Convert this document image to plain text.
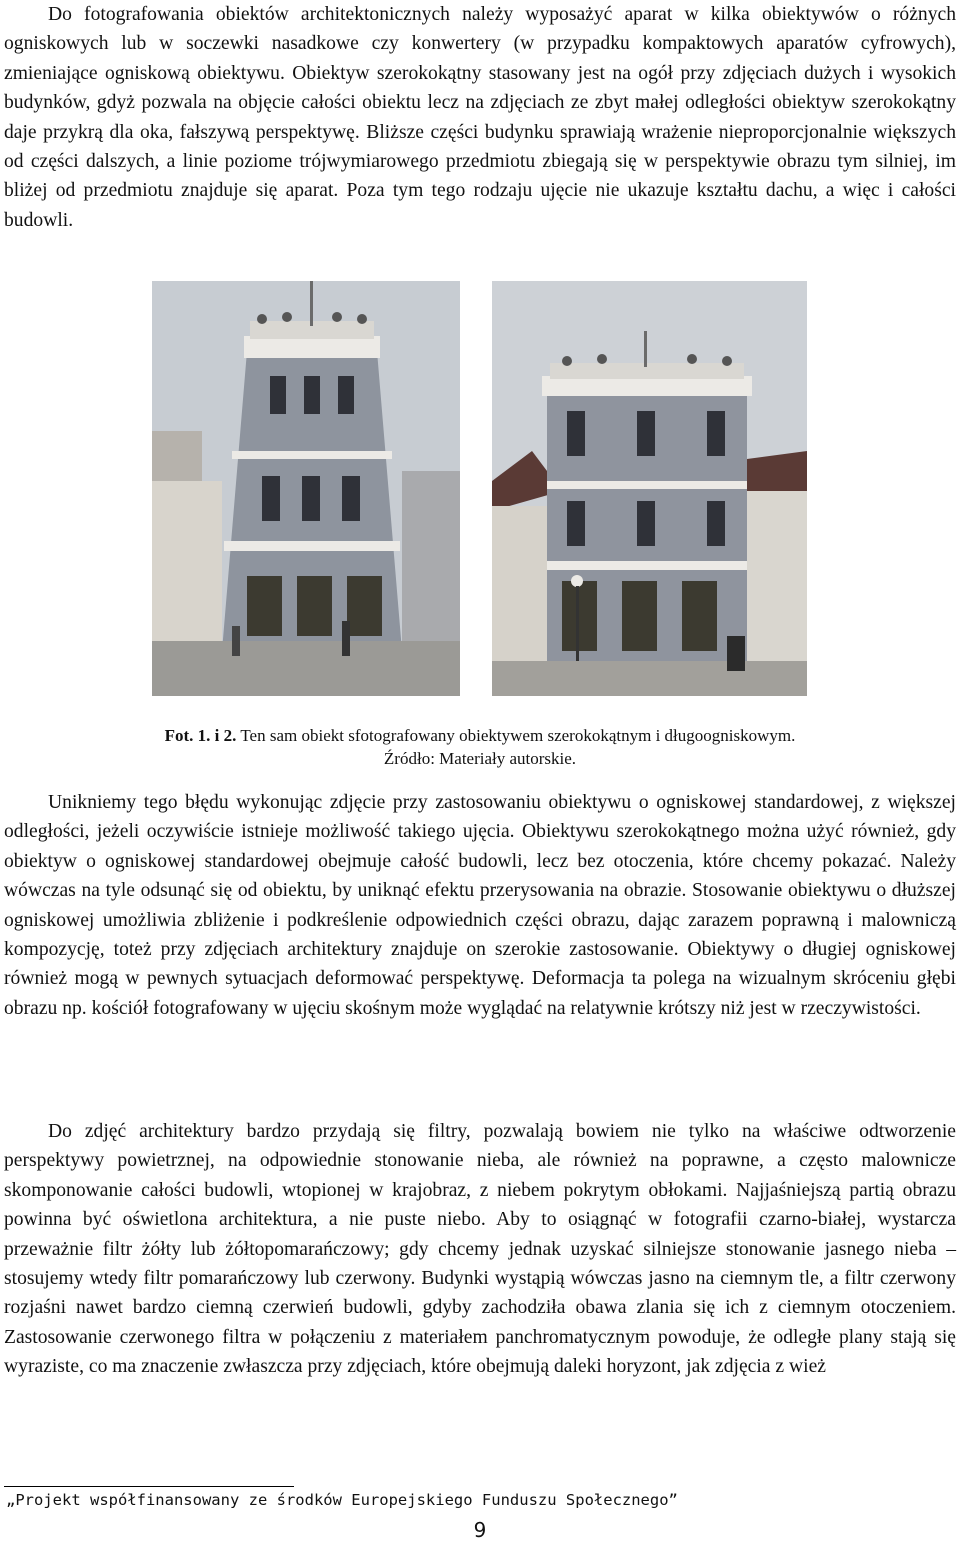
Do fotografowania obiektów architektonicznych należy wyposażyć aparat w kilka obiektywów o różnych ogniskowych lub w soczewki nasadkowe czy konwertery (w przypadku kompaktowych aparatów cyfrowych), zmieniające ogniskową obiektywu. Obiektyw szerokokątny stasowany jest na ogół przy zdjęciach dużych i wysokich budynków, gdyż pozwala na objęcie całości obiektu lecz na zdjęciach ze zbyt małej odległości obiektyw szerokokątny daje przykrą dla oka, fałszywą perspektywę. Bliższe części budynku sprawiają wrażenie nieproporcjonalnie większych od części dalszych, a linie poziome trójwymiarowego przedmiotu zbiegają się w perspektywie obrazu tym silniej, im bliżej od przedmiotu znajduje się aparat. Poza tym tego rodzaju ujęcie nie ukazuje kształtu dachu, a więc i całości budowli.

Fot. 1. i 2. Ten sam obiekt sfotografowany obiektywem szerokokątnym i długoogniskowym.
Źródło: Materiały autorskie.

Unikniemy tego błędu wykonując zdjęcie przy zastosowaniu obiektywu o ogniskowej standardowej, z większej odległości, jeżeli oczywiście istnieje możliwość takiego ujęcia. Obiektywu szerokokątnego można użyć również, gdy obiektyw o ogniskowej standardowej obejmuje całość budowli, lecz bez otoczenia, które chcemy pokazać. Należy wówczas na tyle odsunąć się od obiektu, by uniknąć efektu przerysowania na obrazie. Stosowanie obiektywu o dłuższej ogniskowej umożliwia zbliżenie i podkreślenie odpowiednich części obrazu, dając zarazem poprawną i malowniczą kompozycję, toteż przy zdjęciach architektury znajduje on szerokie zastosowanie. Obiektywy o długiej ogniskowej również mogą w pewnych sytuacjach deformować perspektywę. Deformacja ta polega na wizualnym skróceniu głębi obrazu np. kościół fotografowany w ujęciu skośnym może wyglądać na relatywnie krótszy niż jest w rzeczywistości.

Do zdjęć architektury bardzo przydają się filtry, pozwalają bowiem nie tylko na właściwe odtworzenie perspektywy powietrznej, na odpowiednie stonowanie nieba, ale również na poprawne, a często malownicze skomponowanie całości budowli, wtopionej w krajobraz, z niebem pokrytym obłokami. Najjaśniejszą partią obrazu powinna być oświetlona architektura, a nie puste niebo. Aby to osiągnąć w fotografii czarno-białej, wystarcza przeważnie filtr żółty lub żółtopomarańczowy; gdy chcemy jednak uzyskać silniejsze stonowanie jasnego nieba – stosujemy wtedy filtr pomarańczowy lub czerwony. Budynki wystąpią wówczas jasno na ciemnym tle, a filtr czerwony rozjaśni nawet bardzo ciemną czerwień budowli, gdyby zachodziła obawa zlania się ich z ciemnym otoczeniem. Zastosowanie czerwonego filtra w połączeniu z materiałem panchromatycznym powoduje, że odległe plany stają się wyraziste, co ma znaczenie zwłaszcza przy zdjęciach, które obejmują daleki horyzont, jak zdjęcia z wież

„Projekt współfinansowany ze środków Europejskiego Funduszu Społecznego”
9
